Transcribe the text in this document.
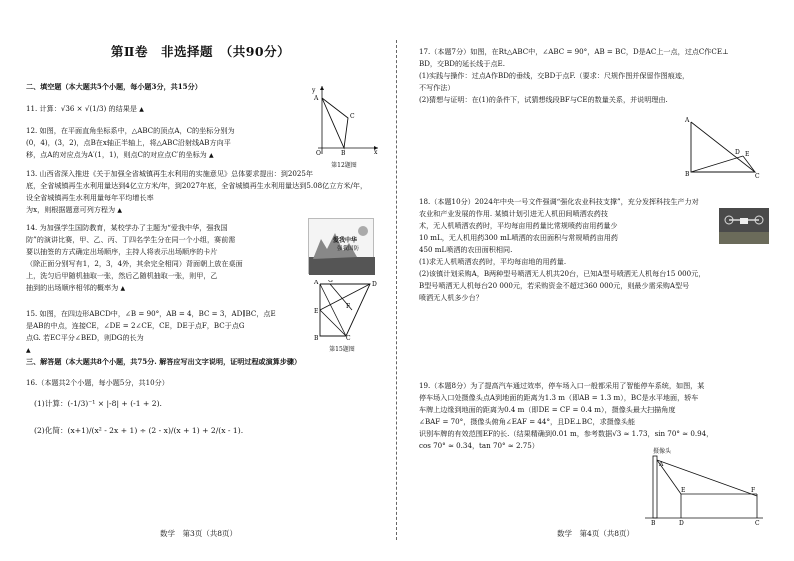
第Ⅱ卷　非选择题　（共90分）
二、填空题（本大题共5个小题，每小题3分，共15分）
11. 计算：√36 × √(1/3) 的结果是 ▲
12. 如图，在平面直角坐标系中，△ABC的顶点A，C的坐标分别为
(0，4)，(3，2)，点B在x轴正半轴上，将△ABC沿射线AB方向平
移，点A的对应点为A′(1，1)，则点C的对应点C′的坐标为 ▲
y
x
A
C
B
O
第12题图
13. 山西省深入推进《关于加强全省城镇再生水利用的实施意见》总体要求提出：到2025年
底，全省城镇再生水利用量达到4亿立方米/年，到2027年底，全省城镇再生水利用量达到5.08亿立方米/年，设全省城镇再生水利用量每年平均增长率
为x，则根据题意可列方程为 ▲
14. 为加强学生国防教育，某校学办了主题为“爱我中华，强我国
防”的演讲比赛，甲、乙、丙、丁四名学生分在同一个小组，赛前需
要以抽签的方式确定出场顺序，主持人将表示出场顺序的卡片
（除正面分别写有1，2，3，4外，其余完全相同）背面朝上放在桌面
上，洗匀后甲随机抽取一张，然后乙随机抽取一张，则甲，乙
抽到的出场顺序相邻的概率为 ▲
爱我中华
强我国防
15. 如图，在四边形ABCD中，∠B = 90°，AB = 4，BC = 3，AD∥BC，点E
是AB的中点，连接CE，∠DE = 2∠CE，CE，DE于点F，BC于点G
点G. 若EC平分∠BED，则DG的长为
▲
A
E
B	C
D
G
F
第15题图
三、解答题（本大题共8个小题，共75分. 解答应写出文字说明，证明过程或演算步骤）
16.（本题共2个小题，每小题5分，共10分）
(1)计算：(-1/3)⁻¹ × |-8| + (-1 + 2).
(2)化简：(x+1)/(x² - 2x + 1) ÷ (2 - x)/(x + 1) + 2/(x - 1).
数学　第3页（共8页）
17.（本题7分）如图，在Rt△ABC中，∠ABC = 90°，AB = BC，D是AC上一点，过点C作CE⊥
BD，交BD的延长线于点E.
(1)实践与操作：过点A作BD的垂线，交BD于点F.（要求：尺规作图并保留作图痕迹，
不写作法）
(2)猜想与证明：在(1)的条件下，试猜想线段BF与CE的数量关系，并说明理由.
A
B	C
D E
18.（本题10分）2024年中央一号文件强调“强化农业科技支撑”，充分发挥科技生产力对
农业和产业发展的作用. 某镇计划引进无人机田间喷洒农药技
术，无人机喷洒农药时，平均每亩用药量比常规喷药亩用药量少
10 mL，无人机用药300 mL喷洒的农田面积与常规喷药亩用药
450 mL喷洒的农田面积相同.
(1)求无人机喷洒农药时，平均每亩地的用药量.
(2)该镇计划采购A，B两种型号喷洒无人机共20台，已知A型号喷洒无人机每台15 000元，
B型号喷洒无人机每台20 000元，若采购资金不超过360 000元，则最少需采购A型号
喷洒无人机多少台？
19.（本题8分）为了提高汽车通过效率，停车场入口一般都采用了智能停车系统，如图，某
停车场入口处摄像头点A到地面的距离为1.3 m（即AB = 1.3 m），BC是水平地面，轿车
车牌上边缘到地面的距离为0.4 m（即DE = CF = 0.4 m），摄像头最大扫描角度
∠BAF = 70°，摄像头俯角∠EAF = 44°，且DE⊥BC，求摄像头能
识别车牌的有效范围EF的长.（结果精确到0.01 m，参考数据√3 ≈ 1.73，sin 70° ≈ 0.94，
cos 70° ≈ 0.34，tan 70° ≈ 2.75）
摄像头
A
E	F
B	D	C
数学　第4页（共8页）
